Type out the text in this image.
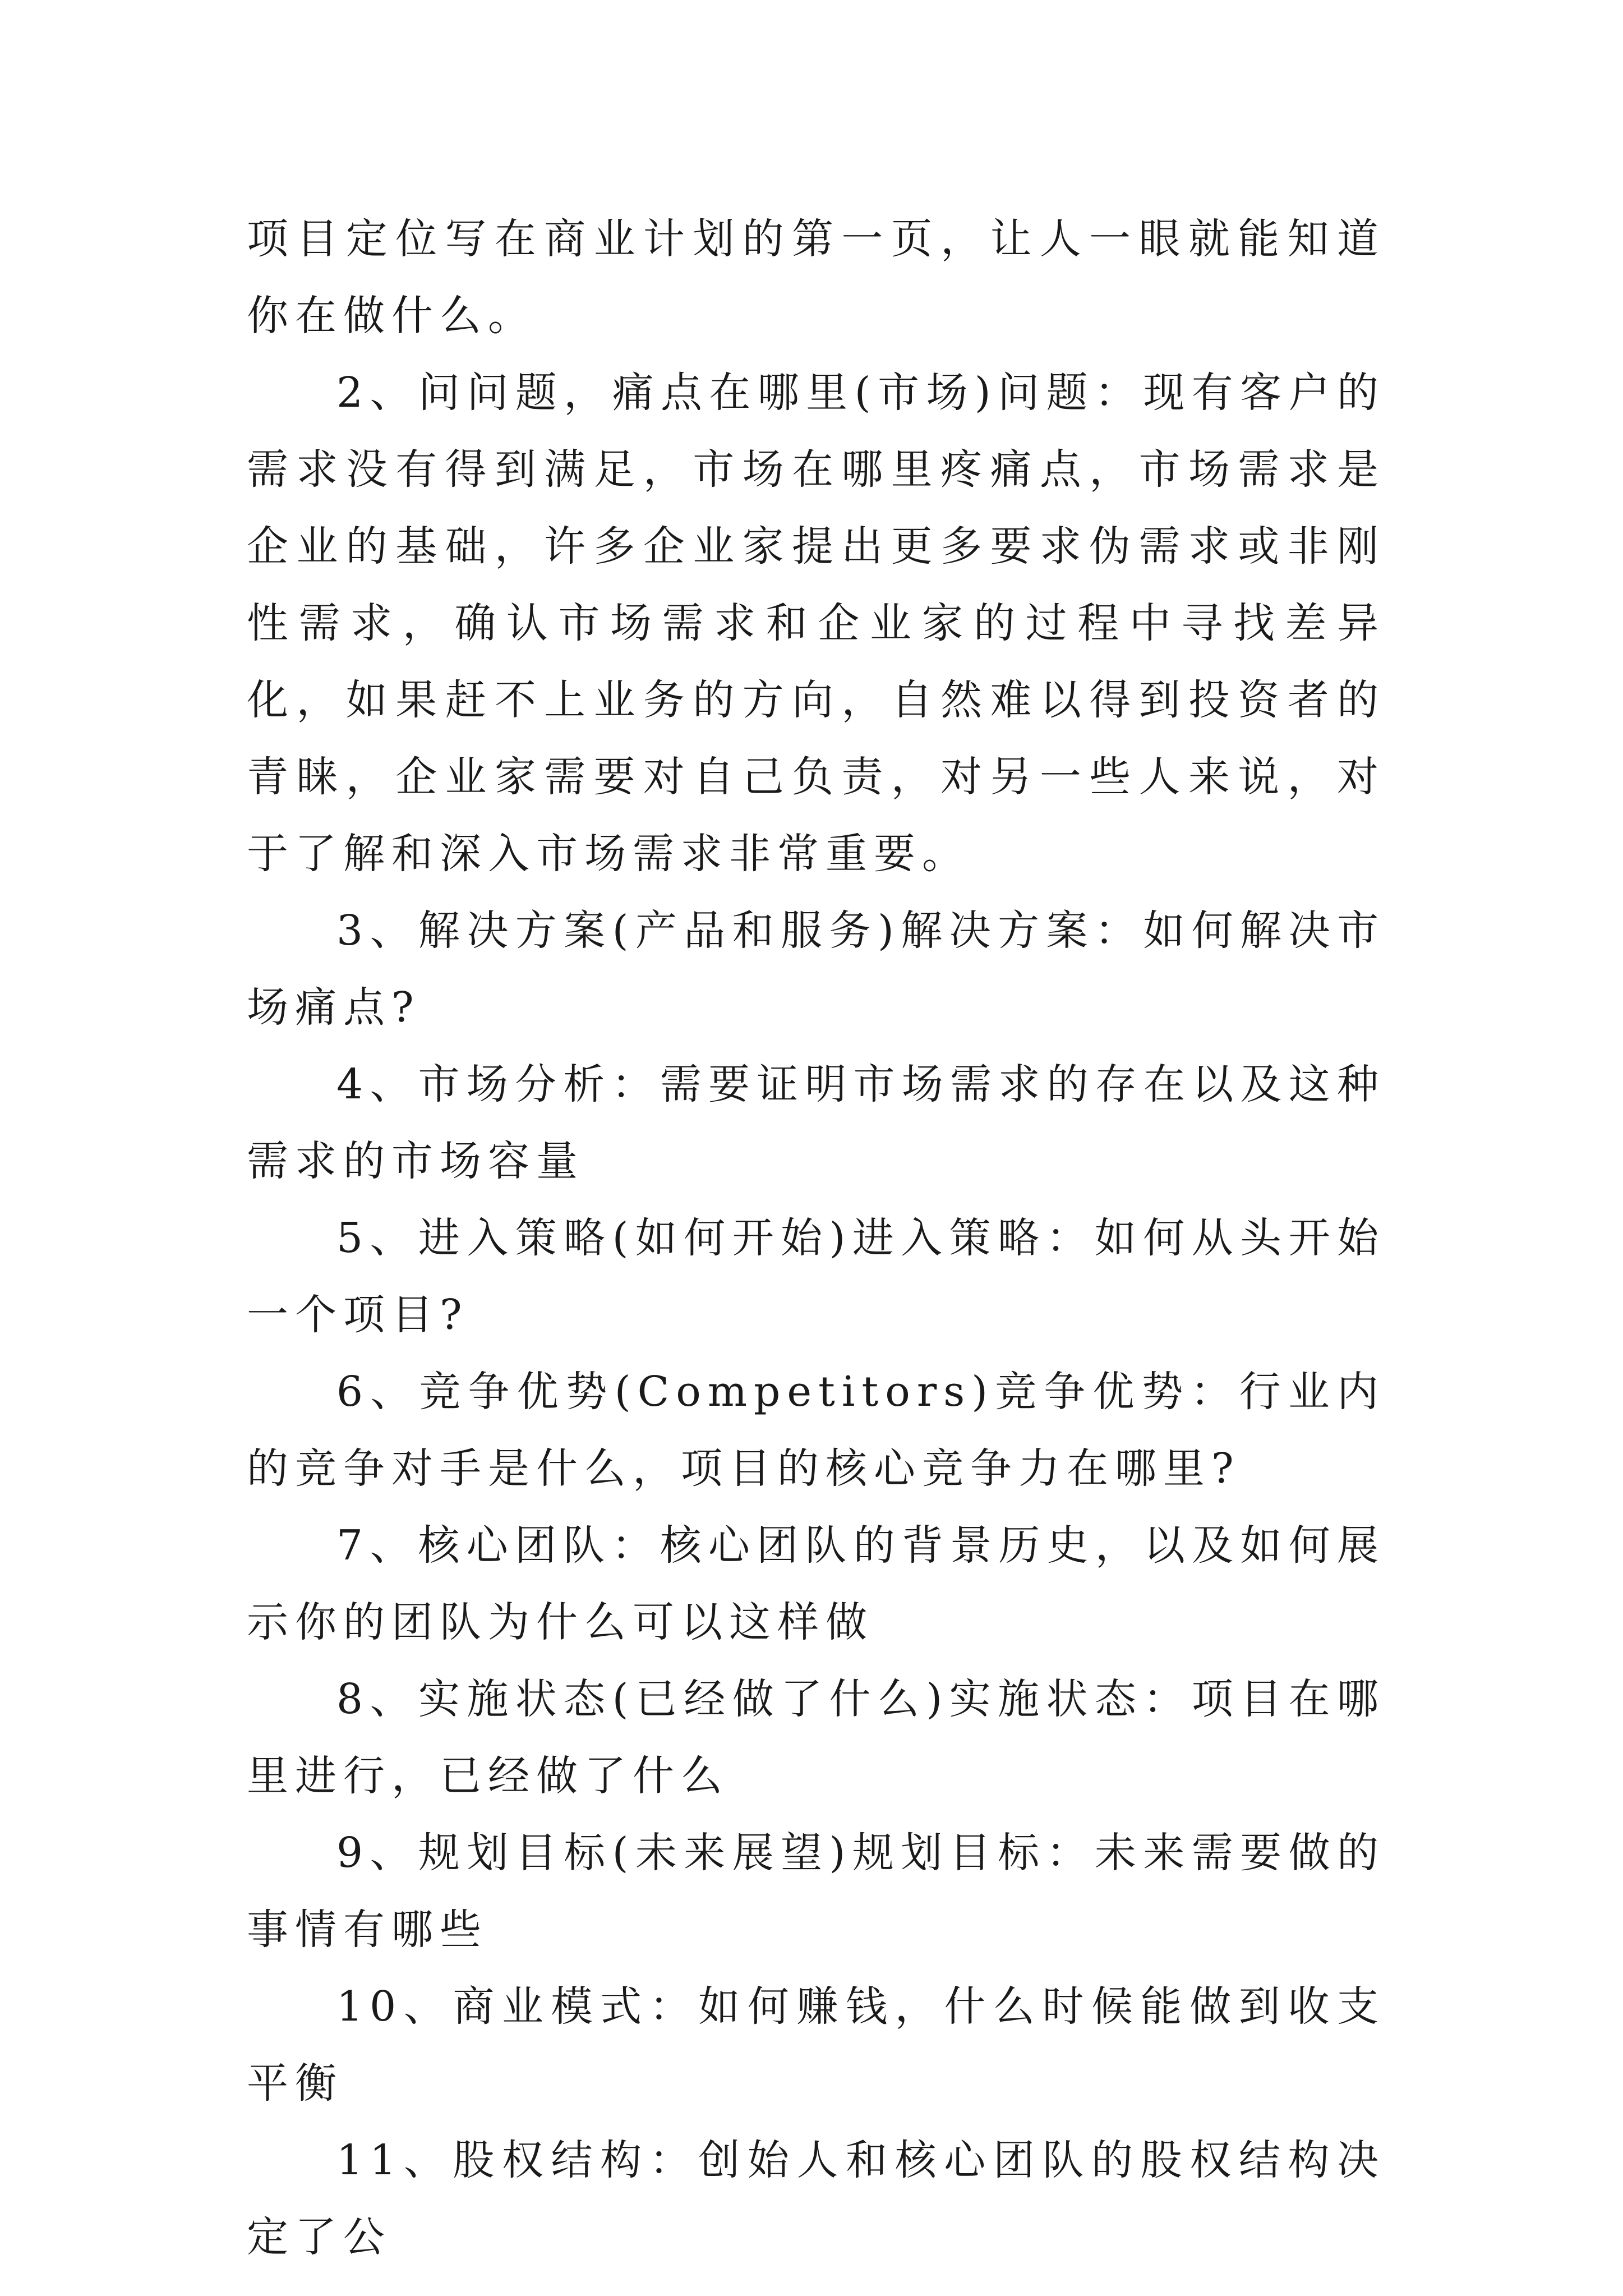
项目定位写在商业计划的第一页，让人一眼就能知道你在做什么。

2、问问题，痛点在哪里(市场)问题：现有客户的需求没有得到满足，市场在哪里疼痛点，市场需求是企业的基础，许多企业家提出更多要求伪需求或非刚性需求，确认市场需求和企业家的过程中寻找差异化，如果赶不上业务的方向，自然难以得到投资者的青睐，企业家需要对自己负责，对另一些人来说，对于了解和深入市场需求非常重要。

3、解决方案(产品和服务)解决方案：如何解决市场痛点?

4、市场分析：需要证明市场需求的存在以及这种需求的市场容量

5、进入策略(如何开始)进入策略：如何从头开始一个项目?

6、竞争优势(Competitors)竞争优势：行业内的竞争对手是什么，项目的核心竞争力在哪里?

7、核心团队：核心团队的背景历史，以及如何展示你的团队为什么可以这样做

8、实施状态(已经做了什么)实施状态：项目在哪里进行，已经做了什么

9、规划目标(未来展望)规划目标：未来需要做的事情有哪些

10、商业模式：如何赚钱，什么时候能做到收支平衡

11、股权结构：创始人和核心团队的股权结构决定了公
